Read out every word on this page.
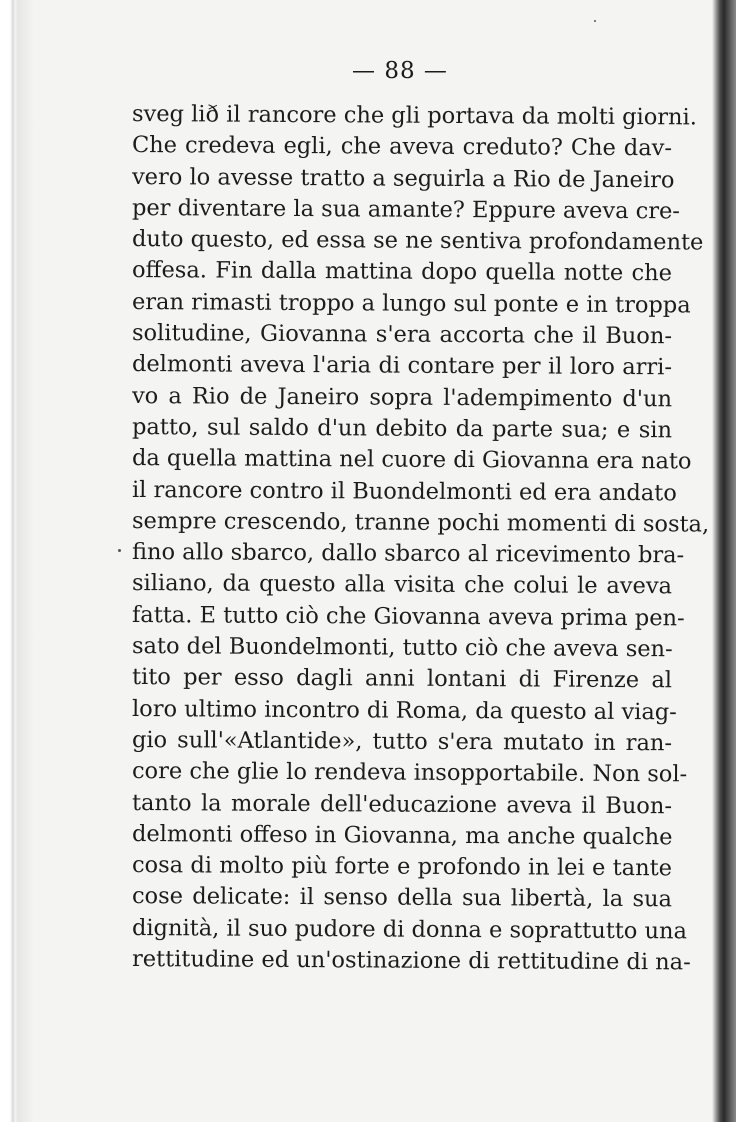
— 88 —
sveg lið il rancore che gli portava da molti giorni.
Che credeva egli, che aveva creduto? Che dav-
vero lo avesse tratto a seguirla a Rio de Janeiro
per diventare la sua amante? Eppure aveva cre-
duto questo, ed essa se ne sentiva profondamente
offesa. Fin dalla mattina dopo quella notte che
eran rimasti troppo a lungo sul ponte e in troppa
solitudine, Giovanna s'era accorta che il Buon-
delmonti aveva l'aria di contare per il loro arri-
vo a Rio de Janeiro sopra l'adempimento d'un
patto, sul saldo d'un debito da parte sua; e sin
da quella mattina nel cuore di Giovanna era nato
il rancore contro il Buondelmonti ed era andato
sempre crescendo, tranne pochi momenti di sosta,
fino allo sbarco, dallo sbarco al ricevimento bra-
siliano, da questo alla visita che colui le aveva
fatta. E tutto ciò che Giovanna aveva prima pen-
sato del Buondelmonti, tutto ciò che aveva sen-
tito per esso dagli anni lontani di Firenze al
loro ultimo incontro di Roma, da questo al viag-
gio sull'«Atlantide», tutto s'era mutato in ran-
core che glie lo rendeva insopportabile. Non sol-
tanto la morale dell'educazione aveva il Buon-
delmonti offeso in Giovanna, ma anche qualche
cosa di molto più forte e profondo in lei e tante
cose delicate: il senso della sua libertà, la sua
dignità, il suo pudore di donna e soprattutto una
rettitudine ed un'ostinazione di rettitudine di na-
